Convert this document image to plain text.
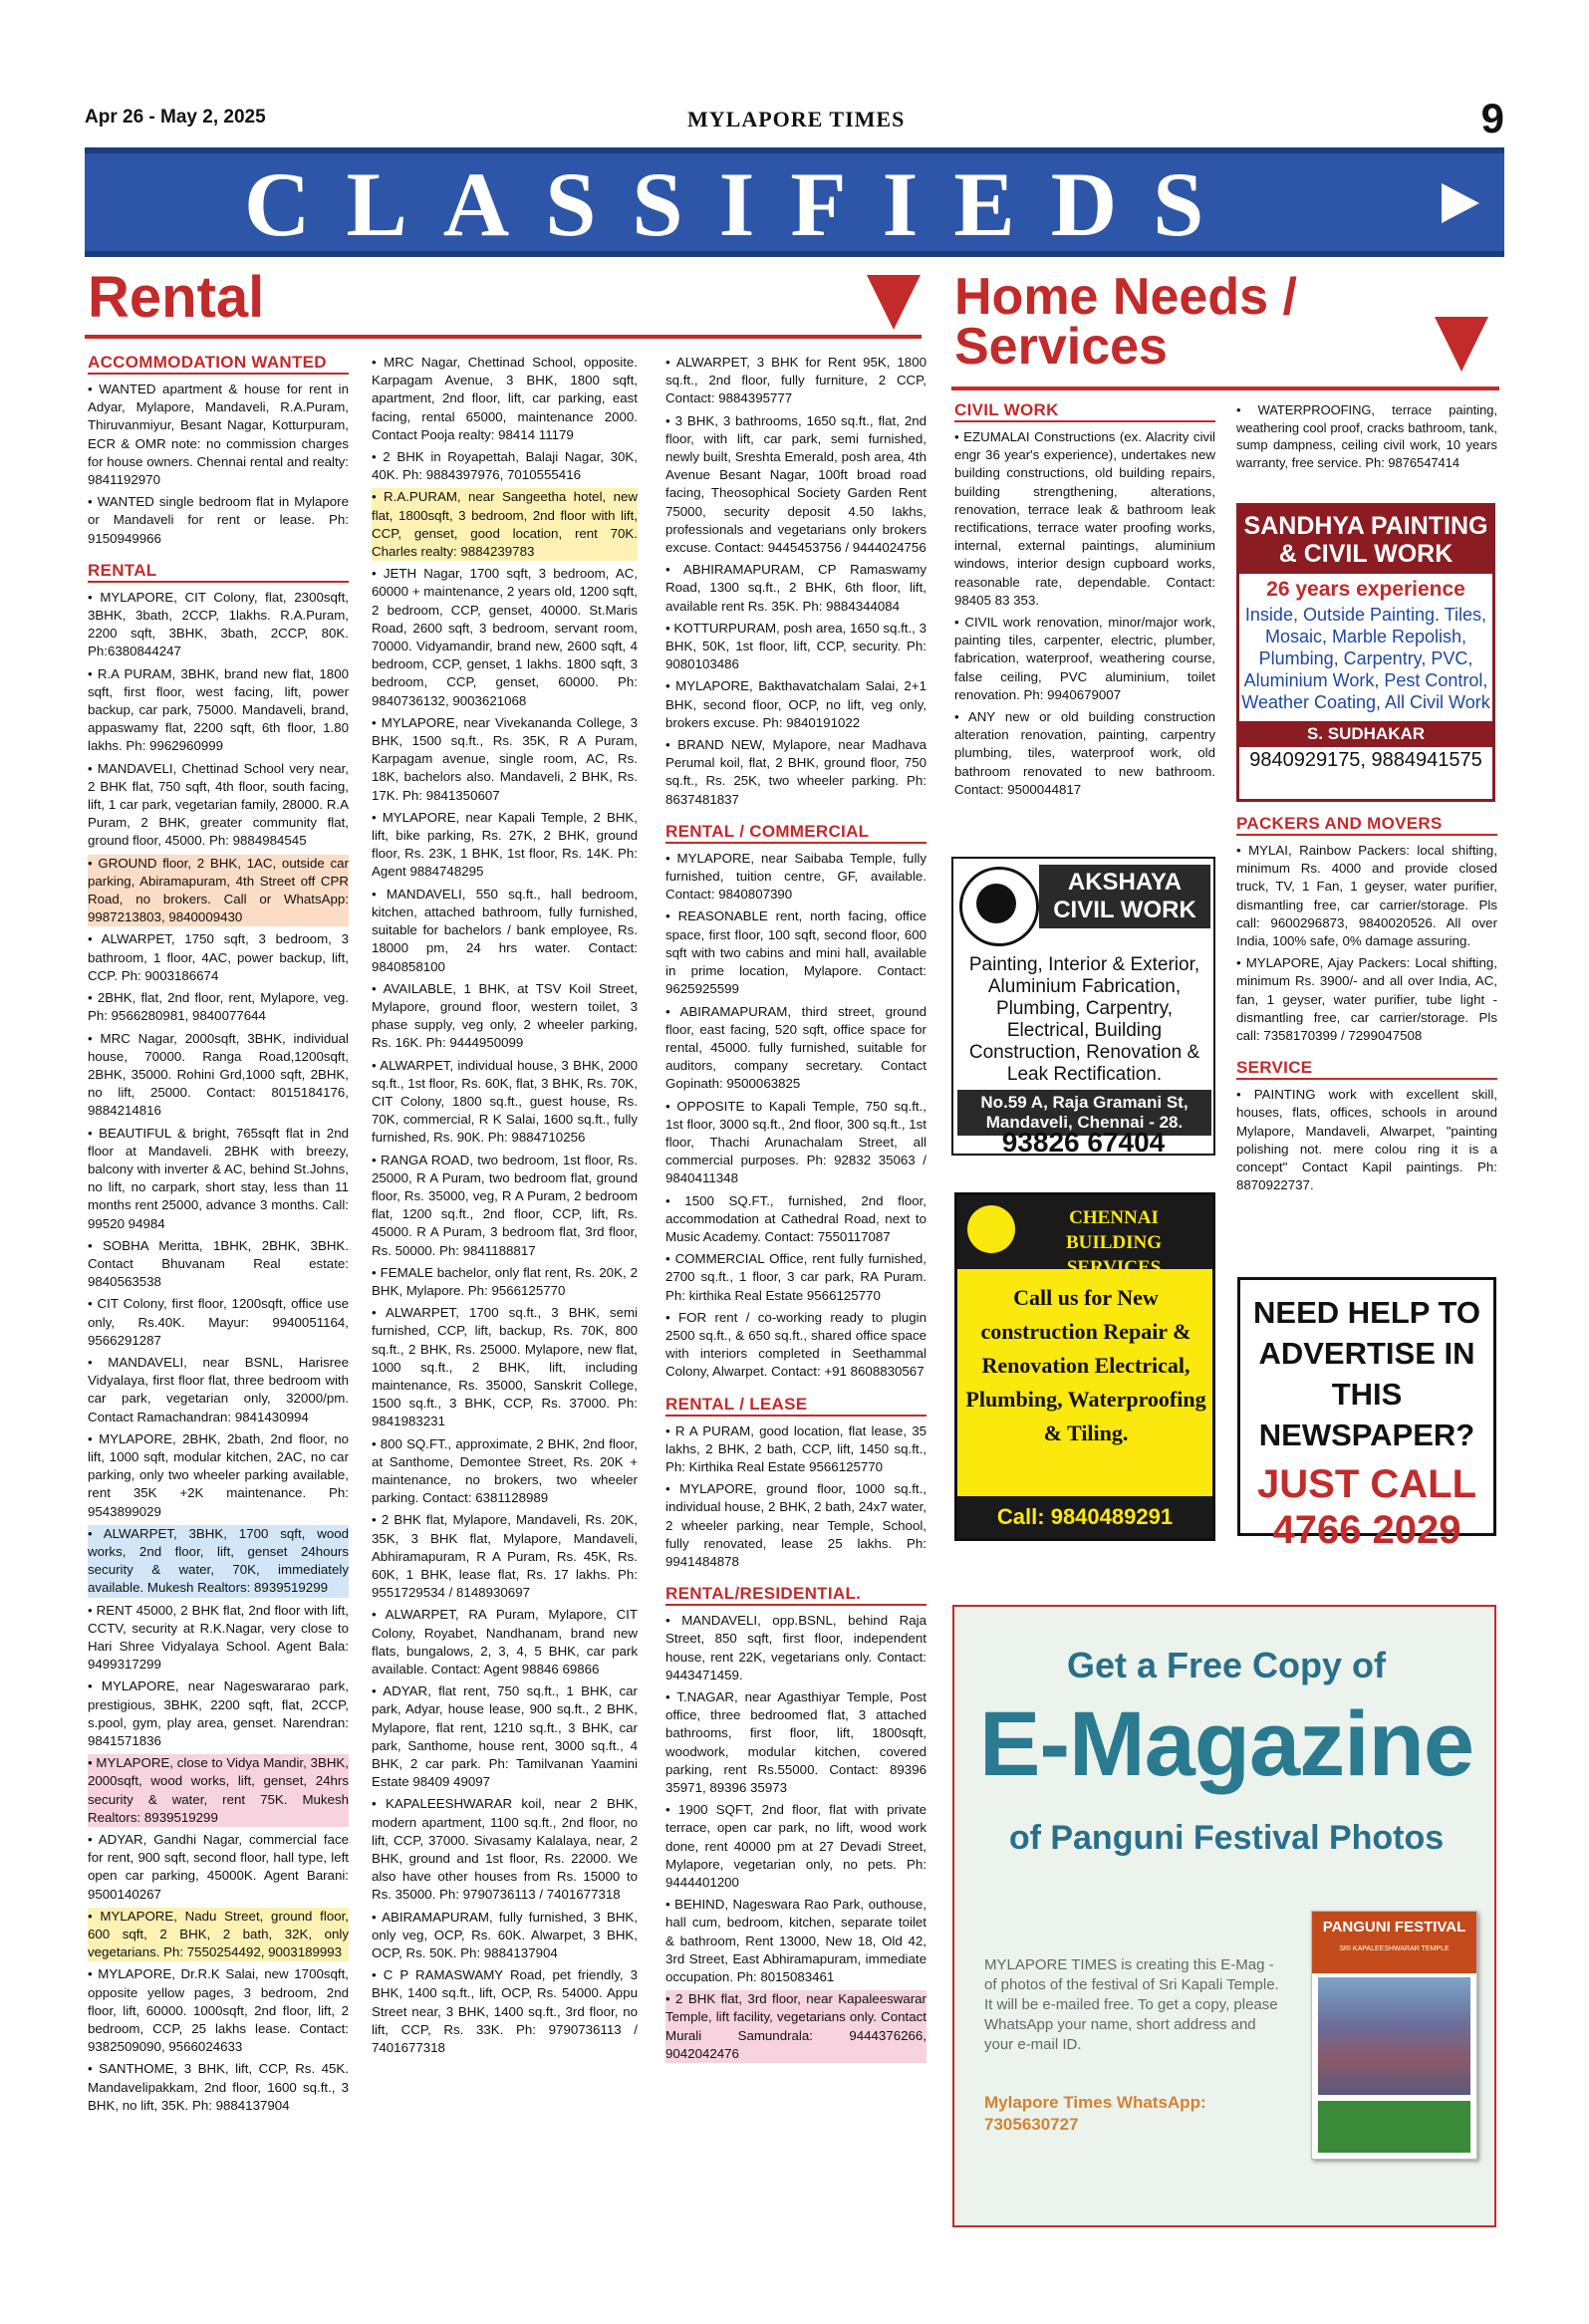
Apr 26 - May 2, 2025	MYLAPORE TIMES	9
CLASSIFIEDS
Rental	Home Needs /
Services
ACCOMMODATION WANTED

• WANTED apartment & house for rent in Adyar, Mylapore, Mandaveli, R.A.Puram, Thiruvanmiyur, Besant Nagar, Kotturpuram, ECR & OMR note: no commission charges for house owners. Chennai rental and realty: 9841192970

• WANTED single bedroom flat in Mylapore or Mandaveli for rent or lease. Ph: 9150949966

RENTAL

• MYLAPORE, CIT Colony, flat, 2300sqft, 3BHK, 3bath, 2CCP, 1lakhs. R.A.Puram, 2200 sqft, 3BHK, 3bath, 2CCP, 80K. Ph:6380844247

• R.A PURAM, 3BHK, brand new flat, 1800 sqft, first floor, west facing, lift, power backup, car park, 75000. Mandaveli, brand, appaswamy flat, 2200 sqft, 6th floor, 1.80 lakhs. Ph: 9962960999

• MANDAVELI, Chettinad School very near, 2 BHK flat, 750 sqft, 4th floor, south facing, lift, 1 car park, vegetarian family, 28000. R.A Puram, 2 BHK, greater community flat, ground floor, 45000. Ph: 9884984545

• GROUND floor, 2 BHK, 1AC, outside car parking, Abiramapuram, 4th Street off CPR Road, no brokers. Call or WhatsApp: 9987213803, 9840009430

• ALWARPET, 1750 sqft, 3 bedroom, 3 bathroom, 1 floor, 4AC, power backup, lift, CCP. Ph: 9003186674

• 2BHK, flat, 2nd floor, rent, Mylapore, veg. Ph: 9566280981, 9840077644

• MRC Nagar, 2000sqft, 3BHK, individual house, 70000. Ranga Road,1200sqft, 2BHK, 35000. Rohini Grd,1000 sqft, 2BHK, no lift, 25000. Contact: 8015184176, 9884214816

• BEAUTIFUL & bright, 765sqft flat in 2nd floor at Mandaveli. 2BHK with breezy, balcony with inverter & AC, behind St.Johns, no lift, no carpark, short stay, less than 11 months rent 25000, advance 3 months. Call: 99520 94984

• SOBHA Meritta, 1BHK, 2BHK, 3BHK. Contact Bhuvanam Real estate: 9840563538

• CIT Colony, first floor, 1200sqft, office use only, Rs.40K. Mayur: 9940051164, 9566291287

• MANDAVELI, near BSNL, Harisree Vidyalaya, first floor flat, three bedroom with car park, vegetarian only, 32000/pm. Contact Ramachandran: 9841430994

• MYLAPORE, 2BHK, 2bath, 2nd floor, no lift, 1000 sqft, modular kitchen, 2AC, no car parking, only two wheeler parking available, rent 35K +2K maintenance. Ph: 9543899029

• ALWARPET, 3BHK, 1700 sqft, wood works, 2nd floor, lift, genset 24hours security & water, 70K, immediately available. Mukesh Realtors: 8939519299

• RENT 45000, 2 BHK flat, 2nd floor with lift, CCTV, security at R.K.Nagar, very close to Hari Shree Vidyalaya School. Agent Bala: 9499317299

• MYLAPORE, near Nageswararao park, prestigious, 3BHK, 2200 sqft, flat, 2CCP, s.pool, gym, play area, genset. Narendran: 9841571836

• MYLAPORE, close to Vidya Mandir, 3BHK, 2000sqft, wood works, lift, genset, 24hrs security & water, rent 75K. Mukesh Realtors: 8939519299

• ADYAR, Gandhi Nagar, commercial face for rent, 900 sqft, second floor, hall type, left open car parking, 45000K. Agent Barani: 9500140267

• MYLAPORE, Nadu Street, ground floor, 600 sqft, 2 BHK, 2 bath, 32K, only vegetarians. Ph: 7550254492, 9003189993

• MYLAPORE, Dr.R.K Salai, new 1700sqft, opposite yellow pages, 3 bedroom, 2nd floor, lift, 60000. 1000sqft, 2nd floor, lift, 2 bedroom, CCP, 25 lakhs lease. Contact: 9382509090, 9566024633

• SANTHOME, 3 BHK, lift, CCP, Rs. 45K. Mandavelipakkam, 2nd floor, 1600 sq.ft., 3 BHK, no lift, 35K. Ph: 9884137904

• MRC Nagar, Chettinad School, opposite. Karpagam Avenue, 3 BHK, 1800 sqft, apartment, 2nd floor, lift, car parking, east facing, rental 65000, maintenance 2000. Contact Pooja realty: 98414 11179

• 2 BHK in Royapettah, Balaji Nagar, 30K, 40K. Ph: 9884397976, 7010555416

• R.A.PURAM, near Sangeetha hotel, new flat, 1800sqft, 3 bedroom, 2nd floor with lift, CCP, genset, good location, rent 70K. Charles realty: 9884239783

• JETH Nagar, 1700 sqft, 3 bedroom, AC, 60000 + maintenance, 2 years old, 1200 sqft, 2 bedroom, CCP, genset, 40000. St.Maris Road, 2600 sqft, 3 bedroom, servant room, 70000. Vidyamandir, brand new, 2600 sqft, 4 bedroom, CCP, genset, 1 lakhs. 1800 sqft, 3 bedroom, CCP, genset, 60000. Ph: 9840736132, 9003621068

• MYLAPORE, near Vivekananda College, 3 BHK, 1500 sq.ft., Rs. 35K, R A Puram, Karpagam avenue, single room, AC, Rs. 18K, bachelors also. Mandaveli, 2 BHK, Rs. 17K. Ph: 9841350607

• MYLAPORE, near Kapali Temple, 2 BHK, lift, bike parking, Rs. 27K, 2 BHK, ground floor, Rs. 23K, 1 BHK, 1st floor, Rs. 14K. Ph: Agent 9884748295

• MANDAVELI, 550 sq.ft., hall bedroom, kitchen, attached bathroom, fully furnished, suitable for bachelors / bank employee, Rs. 18000 pm, 24 hrs water. Contact: 9840858100

• AVAILABLE, 1 BHK, at TSV Koil Street, Mylapore, ground floor, western toilet, 3 phase supply, veg only, 2 wheeler parking, Rs. 16K. Ph: 9444950099

• ALWARPET, individual house, 3 BHK, 2000 sq.ft., 1st floor, Rs. 60K, flat, 3 BHK, Rs. 70K, CIT Colony, 1800 sq.ft., guest house, Rs. 70K, commercial, R K Salai, 1600 sq.ft., fully furnished, Rs. 90K. Ph: 9884710256

• RANGA ROAD, two bedroom, 1st floor, Rs. 25000, R A Puram, two bedroom flat, ground floor, Rs. 35000, veg, R A Puram, 2 bedroom flat, 1200 sq.ft., 2nd floor, CCP, lift, Rs. 45000. R A Puram, 3 bedroom flat, 3rd floor, Rs. 50000. Ph: 9841188817

• FEMALE bachelor, only flat rent, Rs. 20K, 2 BHK, Mylapore. Ph: 9566125770

• ALWARPET, 1700 sq.ft., 3 BHK, semi furnished, CCP, lift, backup, Rs. 70K, 800 sq.ft., 2 BHK, Rs. 25000. Mylapore, new flat, 1000 sq.ft., 2 BHK, lift, including maintenance, Rs. 35000, Sanskrit College, 1500 sq.ft., 3 BHK, CCP, Rs. 37000. Ph: 9841983231

• 800 SQ.FT., approximate, 2 BHK, 2nd floor, at Santhome, Demontee Street, Rs. 20K + maintenance, no brokers, two wheeler parking. Contact: 6381128989

• 2 BHK flat, Mylapore, Mandaveli, Rs. 20K, 35K, 3 BHK flat, Mylapore, Mandaveli, Abhiramapuram, R A Puram, Rs. 45K, Rs. 60K, 1 BHK, lease flat, Rs. 17 lakhs. Ph: 9551729534 / 8148930697

• ALWARPET, RA Puram, Mylapore, CIT Colony, Royabet, Nandhanam, brand new flats, bungalows, 2, 3, 4, 5 BHK, car park available. Contact: Agent 98846 69866

• ADYAR, flat rent, 750 sq.ft., 1 BHK, car park, Adyar, house lease, 900 sq.ft., 2 BHK, Mylapore, flat rent, 1210 sq.ft., 3 BHK, car park, Santhome, house rent, 3000 sq.ft., 4 BHK, 2 car park. Ph: Tamilvanan Yaamini Estate 98409 49097

• KAPALEESHWARAR koil, near 2 BHK, modern apartment, 1100 sq.ft., 2nd floor, no lift, CCP, 37000. Sivasamy Kalalaya, near, 2 BHK, ground and 1st floor, Rs. 22000. We also have other houses from Rs. 15000 to Rs. 35000. Ph: 9790736113 / 7401677318

• ABIRAMAPURAM, fully furnished, 3 BHK, only veg, OCP, Rs. 60K. Alwarpet, 3 BHK, OCP, Rs. 50K. Ph: 9884137904

• C P RAMASWAMY Road, pet friendly, 3 BHK, 1400 sq.ft., lift, OCP, Rs. 54000. Appu Street near, 3 BHK, 1400 sq.ft., 3rd floor, no lift, CCP, Rs. 33K. Ph: 9790736113 / 7401677318

• ALWARPET, 3 BHK for Rent 95K, 1800 sq.ft., 2nd floor, fully furniture, 2 CCP, Contact: 9884395777

• 3 BHK, 3 bathrooms, 1650 sq.ft., flat, 2nd floor, with lift, car park, semi furnished, newly built, Sreshta Emerald, posh area, 4th Avenue Besant Nagar, 100ft broad road facing, Theosophical Society Garden Rent 75000, security deposit 4.50 lakhs, professionals and vegetarians only brokers excuse. Contact: 9445453756 / 9444024756

• ABHIRAMAPURAM, CP Ramaswamy Road, 1300 sq.ft., 2 BHK, 6th floor, lift, available rent Rs. 35K. Ph: 9884344084

• KOTTURPURAM, posh area, 1650 sq.ft., 3 BHK, 50K, 1st floor, lift, CCP, security. Ph: 9080103486

• MYLAPORE, Bakthavatchalam Salai, 2+1 BHK, second floor, OCP, no lift, veg only, brokers excuse. Ph: 9840191022

• BRAND NEW, Mylapore, near Madhava Perumal koil, flat, 2 BHK, ground floor, 750 sq.ft., Rs. 25K, two wheeler parking. Ph: 8637481837

RENTAL / COMMERCIAL

• MYLAPORE, near Saibaba Temple, fully furnished, tuition centre, GF, available. Contact: 9840807390

• REASONABLE rent, north facing, office space, first floor, 100 sqft, second floor, 600 sqft with two cabins and mini hall, available in prime location, Mylapore. Contact: 9625925599

• ABIRAMAPURAM, third street, ground floor, east facing, 520 sqft, office space for rental, 45000. fully furnished, suitable for auditors, company secretary. Contact Gopinath: 9500063825

• OPPOSITE to Kapali Temple, 750 sq.ft., 1st floor, 3000 sq.ft., 2nd floor, 300 sq.ft., 1st floor, Thachi Arunachalam Street, all commercial purposes. Ph: 92832 35063 / 9840411348

• 1500 SQ.FT., furnished, 2nd floor, accommodation at Cathedral Road, next to Music Academy. Contact: 7550117087

• COMMERCIAL Office, rent fully furnished, 2700 sq.ft., 1 floor, 3 car park, RA Puram. Ph: kirthika Real Estate 9566125770

• FOR rent / co-working ready to plugin 2500 sq.ft., & 650 sq.ft., shared office space with interiors completed in Seethammal Colony, Alwarpet. Contact: +91 8608830567

RENTAL / LEASE

• R A PURAM, good location, flat lease, 35 lakhs, 2 BHK, 2 bath, CCP, lift, 1450 sq.ft., Ph: Kirthika Real Estate 9566125770

• MYLAPORE, ground floor, 1000 sq.ft., individual house, 2 BHK, 2 bath, 24x7 water, 2 wheeler parking, near Temple, School, fully renovated, lease 25 lakhs. Ph: 9941484878

RENTAL/RESIDENTIAL.

• MANDAVELI, opp.BSNL, behind Raja Street, 850 sqft, first floor, independent house, rent 22K, vegetarians only. Contact: 9443471459.

• T.NAGAR, near Agasthiyar Temple, Post office, three bedroomed flat, 3 attached bathrooms, first floor, lift, 1800sqft, woodwork, modular kitchen, covered parking, rent Rs.55000. Contact: 89396 35971, 89396 35973

• 1900 SQFT, 2nd floor, flat with private terrace, open car park, no lift, wood work done, rent 40000 pm at 27 Devadi Street, Mylapore, vegetarian only, no pets. Ph: 9444401200

• BEHIND, Nageswara Rao Park, outhouse, hall cum, bedroom, kitchen, separate toilet & bathroom, Rent 13000, New 18, Old 42, 3rd Street, East Abhiramapuram, immediate occupation. Ph: 8015083461

• 2 BHK flat, 3rd floor, near Kapaleeswarar Temple, lift facility, vegetarians only. Contact Murali Samundrala: 9444376266, 9042042476

CIVIL WORK

• EZUMALAI Constructions (ex. Alacrity civil engr 36 year's experience), undertakes new building constructions, old building repairs, building strengthening, alterations, renovation, terrace leak & bathroom leak rectifications, terrace water proofing works, internal, external paintings, aluminium windows, interior design cupboard works, reasonable rate, dependable. Contact: 98405 83 353.

• CIVIL work renovation, minor/major work, painting tiles, carpenter, electric, plumber, fabrication, waterproof, weathering course, false ceiling, PVC aluminium, toilet renovation. Ph: 9940679007

• ANY new or old building construction alteration renovation, painting, carpentry plumbing, tiles, waterproof work, old bathroom renovated to new bathroom. Contact: 9500044817

• WATERPROOFING, terrace painting, weathering cool proof, cracks bathroom, tank, sump dampness, ceiling civil work, 10 years warranty, free service. Ph: 9876547414

PACKERS AND MOVERS

• MYLAI, Rainbow Packers: local shifting, minimum Rs. 4000 and provide closed truck, TV, 1 Fan, 1 geyser, water purifier, dismantling free, car carrier/storage. Pls call: 9600296873, 9840020526. All over India, 100% safe, 0% damage assuring.

• MYLAPORE, Ajay Packers: Local shifting, minimum Rs. 3900/- and all over India, AC, fan, 1 geyser, water purifier, tube light - dismantling free, car carrier/storage. Pls call: 7358170399 / 7299047508

SERVICE

• PAINTING work with excellent skill, houses, flats, offices, schools in around Mylapore, Mandaveli, Alwarpet, "painting polishing not. mere colou ring it is a concept" Contact Kapil paintings. Ph: 8870922737.

SANDHYA PAINTING & CIVIL WORK
26 years experience
Inside, Outside Painting. Tiles, Mosaic, Marble Repolish, Plumbing, Carpentry, PVC, Aluminium Work, Pest Control, Weather Coating, All Civil Work
S. SUDHAKAR
9840929175, 9884941575
AKSHAYA CIVIL WORK
Painting, Interior & Exterior, Aluminium Fabrication, Plumbing, Carpentry, Electrical, Building Construction, Renovation & Leak Rectification.
No.59 A, Raja Gramani St, Mandaveli, Chennai - 28.
93826 67404
CHENNAI BUILDING SERVICES
Call us for New construction Repair & Renovation Electrical, Plumbing, Waterproofing & Tiling.
Call: 9840489291
NEED HELP TO ADVERTISE IN THIS NEWSPAPER?
JUST CALL 4766 2029
Get a Free Copy of
E-Magazine
of Panguni Festival Photos
MYLAPORE TIMES is creating this E-Mag - of photos of the festival of Sri Kapali Temple. It will be e-mailed free. To get a copy, please WhatsApp your name, short address and your e-mail ID.
Mylapore Times WhatsApp: 7305630727
PANGUNI FESTIVAL
SRI KAPALEESHWARAR TEMPLE
